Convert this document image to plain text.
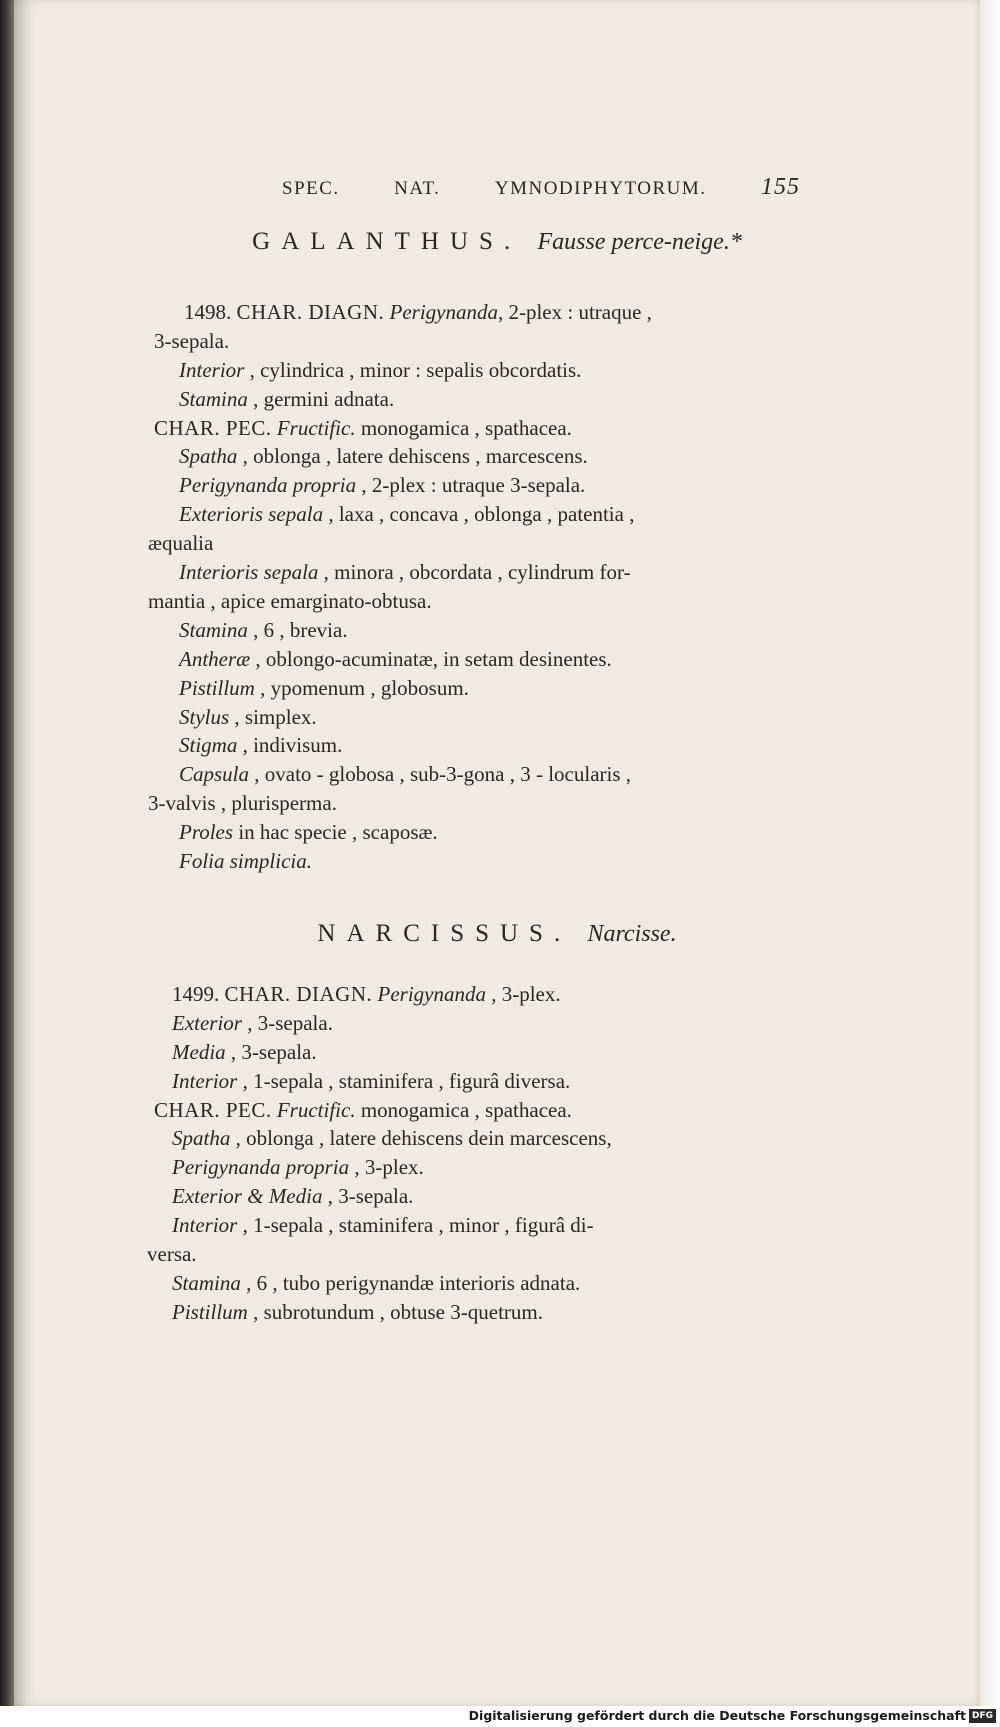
SPEC.	NAT.	YMNODIPHYTORUM. 155
GALANTHUS. Fausse perce-neige.*
1498. CHAR. DIAGN. Perigynanda, 2-plex : utraque ,
3-sepala.
Interior , cylindrica , minor : sepalis obcordatis.
Stamina , germini adnata.
CHAR. PEC. Fructific. monogamica , spathacea.
Spatha , oblonga , latere dehiscens , marcescens.
Perigynanda propria , 2-plex : utraque 3-sepala.
Exterioris sepala , laxa , concava , oblonga , patentia ,
æqualia
Interioris sepala , minora , obcordata , cylindrum for-
mantia , apice emarginato-obtusa.
Stamina , 6 , brevia.
Antheræ , oblongo-acuminatæ, in setam desinentes.
Pistillum , ypomenum , globosum.
Stylus , simplex.
Stigma , indivisum.
Capsula , ovato - globosa , sub-3-gona , 3 - locularis ,
3-valvis , plurisperma.
Proles in hac specie , scaposæ.
Folia simplicia.
NARCISSUS. Narcisse.
1499. CHAR. DIAGN. Perigynanda , 3-plex.
Exterior , 3-sepala.
Media , 3-sepala.
Interior , 1-sepala , staminifera , figurâ diversa.
CHAR. PEC. Fructific. monogamica , spathacea.
Spatha , oblonga , latere dehiscens dein marcescens,
Perigynanda propria , 3-plex.
Exterior & Media , 3-sepala.
Interior , 1-sepala , staminifera , minor , figurâ di-
versa.
Stamina , 6 , tubo perigynandæ interioris adnata.
Pistillum , subrotundum , obtuse 3-quetrum.
Digitalisierung gefördert durch die Deutsche Forschungsgemeinschaft DFG
